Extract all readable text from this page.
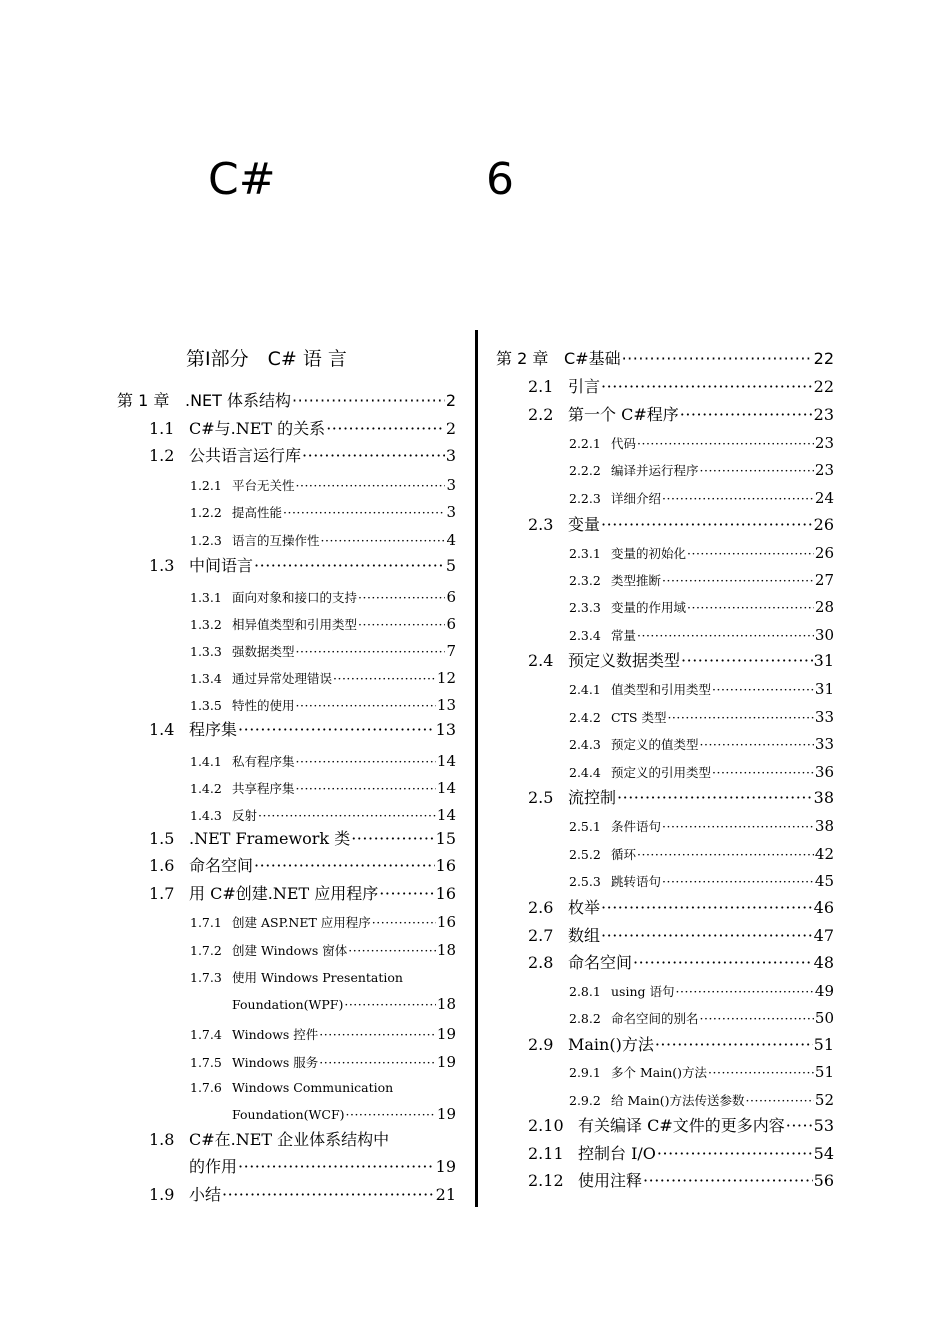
C#	6
第Ⅰ部分　C# 语 言
第 1 章 .NET 体系结构 ·····	2
1.1 C#与.NET 的关系 ·····	2
1.2 公共语言运行库 ·····	3
1.2.1 平台无关性 ·····	3
1.2.2 提高性能 ·····	3
1.2.3 语言的互操作性 ·····	4
1.3 中间语言 ·····	5
1.3.1 面向对象和接口的支持 ·····	6
1.3.2 相异值类型和引用类型 ·····	6
1.3.3 强数据类型 ·····	7
1.3.4 通过异常处理错误 ·····	12
1.3.5 特性的使用 ·····	13
1.4 程序集 ·····	13
1.4.1 私有程序集 ·····	14
1.4.2 共享程序集 ·····	14
1.4.3 反射 ·····	14
1.5 .NET Framework 类 ·····	15
1.6 命名空间 ·····	16
1.7 用 C#创建.NET 应用程序 ·····	16
1.7.1 创建 ASP.NET 应用程序 ·····	16
1.7.2 创建 Windows 窗体 ·····	18
1.7.3 使用 Windows Presentation
Foundation(WPF) ·····	18
1.7.4 Windows 控件 ·····	19
1.7.5 Windows 服务 ·····	19
1.7.6 Windows Communication
Foundation(WCF) ·····	19
1.8 C#在.NET 企业体系结构中
的作用 ·····	19
1.9 小结 ·····	21
第 2 章 C#基础 ·····	22
2.1 引言 ·····	22
2.2 第一个 C#程序 ·····	23
2.2.1 代码 ·····	23
2.2.2 编译并运行程序 ·····	23
2.2.3 详细介绍 ·····	24
2.3 变量 ·····	26
2.3.1 变量的初始化 ·····	26
2.3.2 类型推断 ·····	27
2.3.3 变量的作用域 ·····	28
2.3.4 常量 ·····	30
2.4 预定义数据类型 ·····	31
2.4.1 值类型和引用类型 ·····	31
2.4.2 CTS 类型 ·····	33
2.4.3 预定义的值类型 ·····	33
2.4.4 预定义的引用类型 ·····	36
2.5 流控制 ·····	38
2.5.1 条件语句 ·····	38
2.5.2 循环 ·····	42
2.5.3 跳转语句 ·····	45
2.6 枚举 ·····	46
2.7 数组 ·····	47
2.8 命名空间 ·····	48
2.8.1 using 语句 ·····	49
2.8.2 命名空间的别名 ·····	50
2.9 Main()方法 ·····	51
2.9.1 多个 Main()方法 ·····	51
2.9.2 给 Main()方法传送参数 ·····	52
2.10 有关编译 C#文件的更多内容 ····· 53
2.11 控制台 I/O ·····	54
2.12 使用注释 ·····	56
